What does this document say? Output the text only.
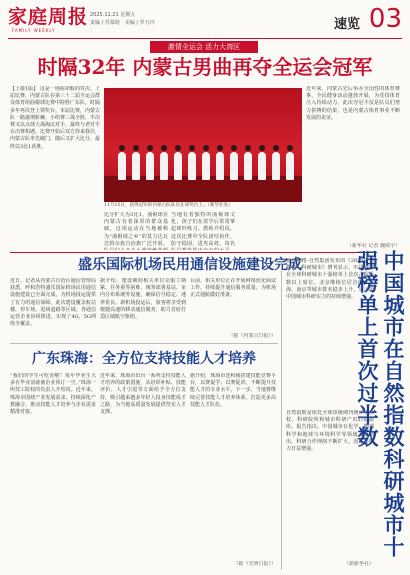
家庭周报
FAMILY WEEKLY
2025.11.21 星期五
责编 / 苏慕晗　美编 / 罗万玲	速览 03
激情全运会 活力大湾区
时隔32年 内蒙古男曲再夺全运会冠军
【上接1版】 这是一场宿命般的对决。上届比赛，内蒙古队在第三十二届全运会群众体育组曲棍球比赛中险胜广东队，时隔多年再次登上领奖台。本届比赛，内蒙古队一路披荆斩棘，小组赛三战全胜，半决赛又以点球大战淘汰对手，最终与老对手在决赛相遇。比赛开始后双方你来我往，内蒙古队率先破门，随后又扩大比分，最终以3比1获胜。
比分扩大为3比1。曲棍球在内蒙古有着深厚的群众基础，这项运动在当地被称为“曲棍球之乡”的莫力达瓦达斡尔族自治旗广泛开展。
当地有着独特的曲棍球文化，孩子们在放学后常常拿起球杆练习。教练介绍说，这次比赛中全队团结协作，防守稳固、进攻高效，每名
近年来，内蒙古先后举办全国性的体育赛事，全民健身活动蓬勃开展，为竞技体育注入持续动力。此次夺冠不仅是队员们努力拼搏的结果，也是内蒙古体育事业不断发展的见证。
（新华社 记者 魏婧宇）
11月15日，获得冠军的内蒙古队队员在领奖台上。（新华社发）
盛乐国际机场民用通信设施建设完成
近日，记者从内蒙古自治区通信管理局获悉，呼和浩特盛乐国际机场民用通信设施建设已全面完成，为机场投运提供了有力的通信保障。此次建设覆盖航站楼、停车场、进场道路等区域，各通信运营企业协同推进，实现了4G、5G网络全覆盖。
据介绍，建设期间相关单位克服工期紧、任务重等困难，统筹部署基站、室内分布系统等设施，确保信号稳定、速率优良。新机场投运后，旅客将享受到便捷高速的移动通信服务，助力首府打造区域航空枢纽。
目前，相关单位正在开展网络优化调试工作，持续提升通信服务质量，为机场正式通航做好准备。
（据《内蒙古日报》）
广东珠海：全方位支持技能人才培养
“我们的学生可吃香啦！每年毕业生大多在毕业前就被企业预订一空。”珠海一所技工院校的负责人介绍说。近年来，珠海市围绕产业发展需求，持续深化产教融合，推动技能人才培养与企业需求精准对接。
近年来，珠海市出台一系列支持技能人才培养的政策措施，从培训补贴、技能评价、人才引进等方面给予全方位支持，吸引越来越多年轻人投身技能成才之路，为当地高质量发展提供坚实人才支撑。
据介绍，珠海市还积极搭建技能竞赛平台，以赛促学、以赛促训，不断提升技能人才的专业水平。下一步，当地将继续完善技能人才培养体系，打造更多高技能人才队伍。
（据《光明日报》）
施普林格·自然集团发布的《2025自然指数—科研城市》增刊显示，中国城市在全球科研城市十强榜单上首次占据半数以上席位。北京继续位居首位，上海、南京等城市排名稳步上升，显示出中国城市科研实力的持续增强。
自然指数是依托全球顶级期刊统计各高校、科研院所和城市科研产出的数据库。报告指出，中国城市在化学、物理科学和地球与环境科学等领域表现突出，科研合作网络不断扩大，国际影响力日益增强。
（据新华社）
中国城市在自然指数科研城市十强榜单上首次过半数
